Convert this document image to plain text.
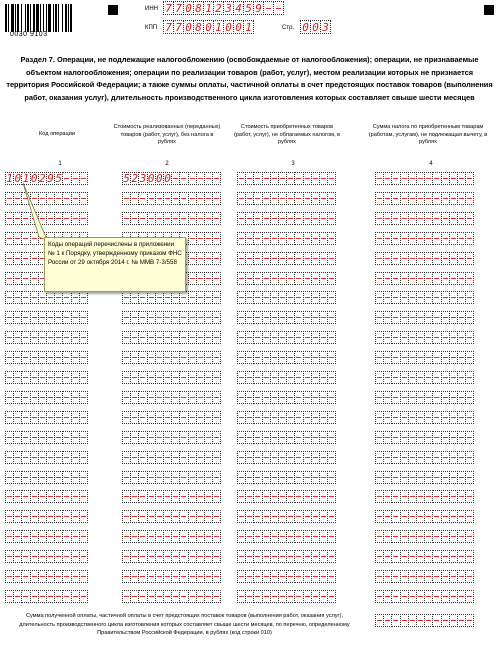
0030 9103
ИНН 7 7 0 8 1 2 3 4 5 9
КПП 7 7 0 8 0 1 0 0 1	Стр. 0 0 3
Раздел 7. Операции, не подлежащие налогообложению (освобождаемые от налогообложения); операции, не признаваемые объектом налогообложения; операции по реализации товаров (работ, услуг), местом реализации которых не признается территория Российской Федерации; а также суммы оплаты, частичной оплаты в счет предстоящих поставок товаров (выполнения работ, оказания услуг), длительность производственного цикла изготовления которых составляет свыше шести месяцев
Код операции
Стоимость реализованных (переданных) товаров (работ, услуг), без налога в рублях
Стоимость приобретенных товаров (работ, услуг), не облагаемых налогом, в рублях
Сумма налога по приобретенным товарам (работам, услугам), не подлежащая вычету, в рублях
1	2	3	4
1 0 1 0 2 9 5	5 2 3 0 0 0
Коды операций перечислены в приложении № 1 к Порядку, утвержденному приказом ФНС России от 29 октября 2014 г. № ММВ 7-3/558
Сумма полученной оплаты, частичной оплаты в счет предстоящих поставок товаров (выполнения работ, оказания услуг), длительность производственного цикла изготовления которых составляет свыше шести месяцев, по перечню, определенному Правительством Российской Федерации, в рублях (код строки 010)
